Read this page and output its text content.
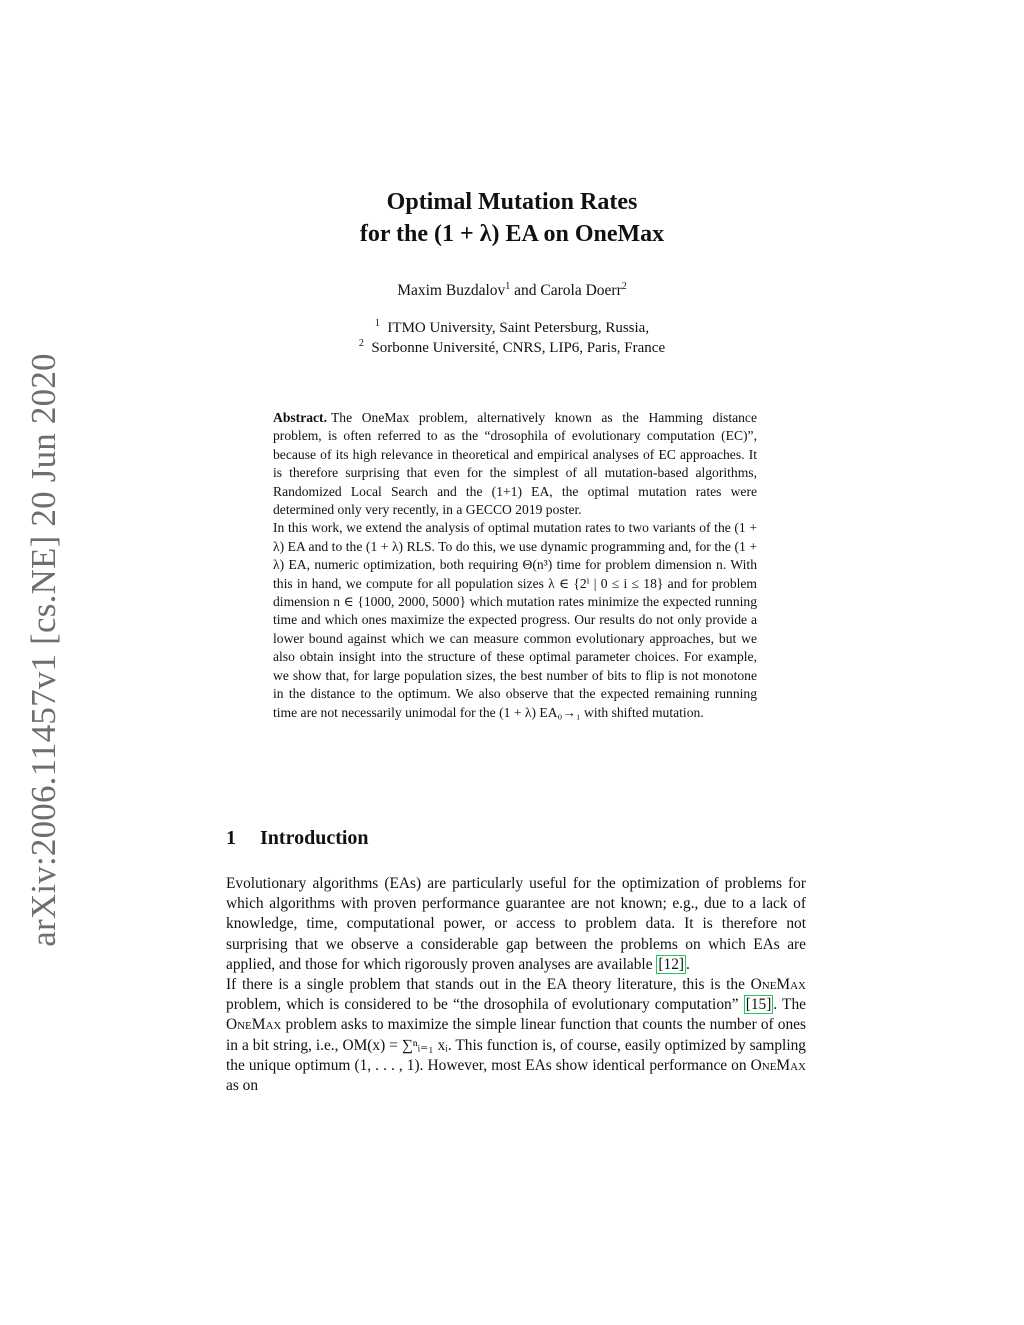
arXiv:2006.11457v1 [cs.NE] 20 Jun 2020
Optimal Mutation Rates
for the (1 + λ) EA on OneMax
Maxim Buzdalov$^1$ and Carola Doerr$^2$
$^1$ ITMO University, Saint Petersburg, Russia,
$^2$ Sorbonne Université, CNRS, LIP6, Paris, France

Abstract. The OneMax problem, alternatively known as the Hamming distance problem, is often referred to as the “drosophila of evolutionary computation (EC)”, because of its high relevance in theoretical and empirical analyses of EC approaches. It is therefore surprising that even for the simplest of all mutation-based algorithms, Randomized Local Search and the (1+1) EA, the optimal mutation rates were determined only very recently, in a GECCO 2019 poster.

In this work, we extend the analysis of optimal mutation rates to two variants of the (1 + λ) EA and to the (1 + λ) RLS. To do this, we use dynamic programming and, for the (1 + λ) EA, numeric optimization, both requiring Θ(n³) time for problem dimension n. With this in hand, we compute for all population sizes λ ∈ {2ⁱ | 0 ≤ i ≤ 18} and for problem dimension n ∈ {1000, 2000, 5000} which mutation rates minimize the expected running time and which ones maximize the expected progress. Our results do not only provide a lower bound against which we can measure common evolutionary approaches, but we also obtain insight into the structure of these optimal parameter choices. For example, we show that, for large population sizes, the best number of bits to flip is not monotone in the distance to the optimum. We also observe that the expected remaining running time are not necessarily unimodal for the (1 + λ) EA₀→₁ with shifted mutation.

1 Introduction

Evolutionary algorithms (EAs) are particularly useful for the optimization of problems for which algorithms with proven performance guarantee are not known; e.g., due to a lack of knowledge, time, computational power, or access to problem data. It is therefore not surprising that we observe a considerable gap between the problems on which EAs are applied, and those for which rigorously proven analyses are available [12] .

If there is a single problem that stands out in the EA theory literature, this is the OneMax problem, which is considered to be “the drosophila of evolutionary computation” [15] . The OneMax problem asks to maximize the simple linear function that counts the number of ones in a bit string, i.e., OM(x) = ∑ⁿᵢ₌₁ xᵢ. This function is, of course, easily optimized by sampling the unique optimum (1, . . . , 1). However, most EAs show identical performance on OneMax as on
